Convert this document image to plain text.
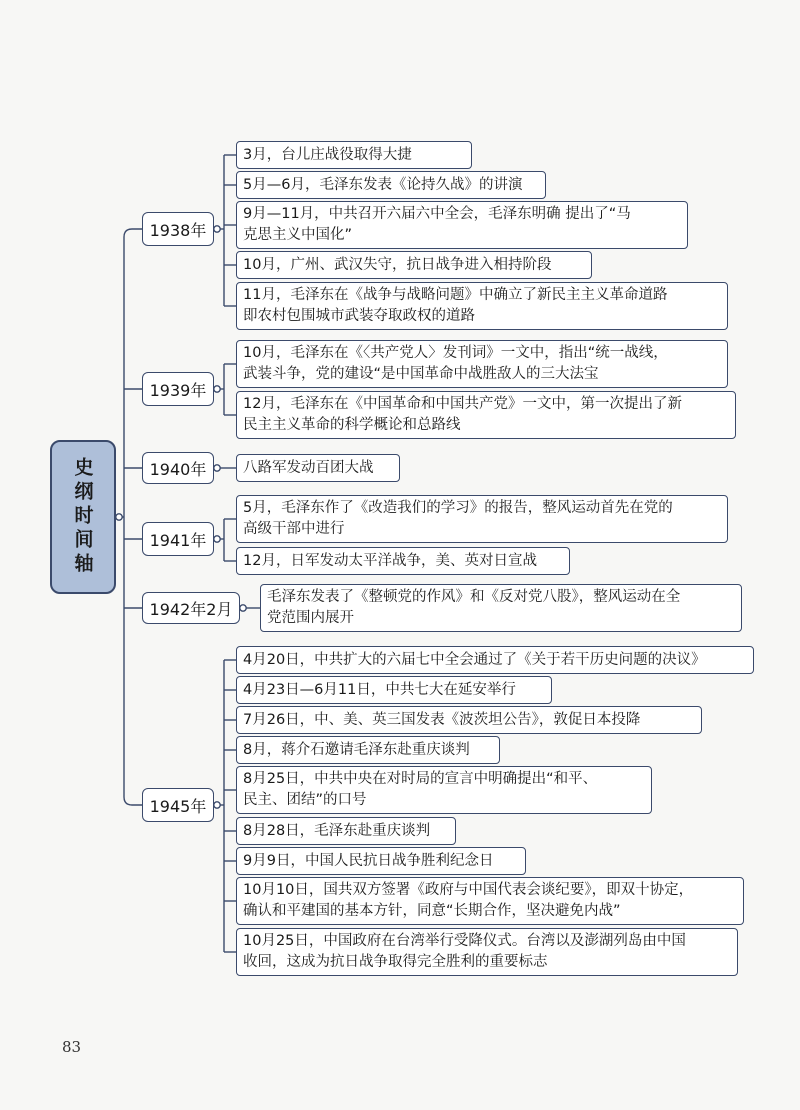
史纲时间轴
1938年
3月，台儿庄战役取得大捷
5月—6月，毛泽东发表《论持久战》的讲演
9月—11月，中共召开六届六中全会，毛泽东明确 提出了“马
克思主义中国化”
10月，广州、武汉失守，抗日战争进入相持阶段
11月，毛泽东在《战争与战略问题》中确立了新民主主义革命道路
即农村包围城市武装夺取政权的道路
1939年
10月，毛泽东在《〈共产党人〉发刊词》一文中，指出“统一战线，
武装斗争，党的建设“是中国革命中战胜敌人的三大法宝
12月，毛泽东在《中国革命和中国共产党》一文中，第一次提出了新
民主主义革命的科学概论和总路线
1940年	八路军发动百团大战
1941年
5月，毛泽东作了《改造我们的学习》的报告，整风运动首先在党的
高级干部中进行
12月，日军发动太平洋战争，美、英对日宣战
1942年2月
毛泽东发表了《整顿党的作风》和《反对党八股》，整风运动在全
党范围内展开
1945年
4月20日，中共扩大的六届七中全会通过了《关于若干历史问题的决议》
4月23日—6月11日，中共七大在延安举行
7月26日，中、美、英三国发表《波茨坦公告》，敦促日本投降
8月，蒋介石邀请毛泽东赴重庆谈判
8月25日，中共中央在对时局的宣言中明确提出“和平、
民主、团结”的口号
8月28日，毛泽东赴重庆谈判
9月9日，中国人民抗日战争胜利纪念日
10月10日，国共双方签署《政府与中国代表会谈纪要》，即双十协定，
确认和平建国的基本方针，同意“长期合作，坚决避免内战”
10月25日，中国政府在台湾举行受降仪式。台湾以及澎湖列岛由中国
收回，这成为抗日战争取得完全胜利的重要标志
83
